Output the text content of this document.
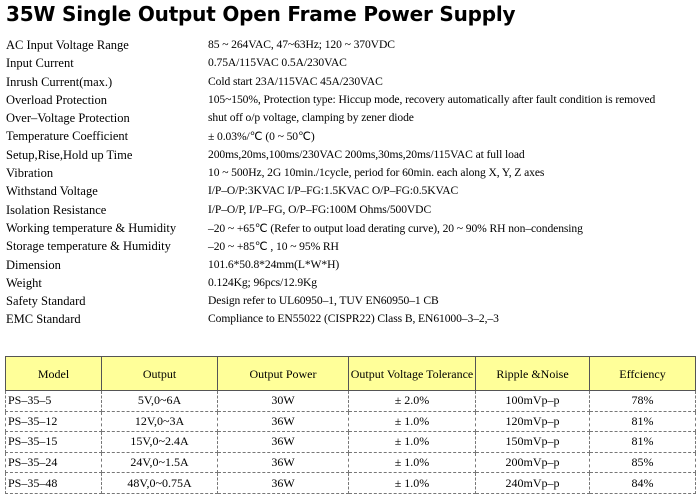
35W Single Output Open Frame Power Supply
AC Input Voltage Range	85 ~ 264VAC, 47~63Hz; 120 ~ 370VDC
Input Current	0.75A/115VAC 0.5A/230VAC
Inrush Current(max.)	Cold start 23A/115VAC 45A/230VAC
Overload Protection	105~150%, Protection type: Hiccup mode, recovery automatically after fault condition is removed
Over–Voltage Protection	shut off o/p voltage, clamping by zener diode
Temperature Coefficient	± 0.03%/℃ (0 ~ 50℃)
Setup,Rise,Hold up Time	200ms,20ms,100ms/230VAC 200ms,30ms,20ms/115VAC at full load
Vibration	10 ~ 500Hz, 2G 10min./1cycle, period for 60min. each along X, Y, Z axes
Withstand Voltage	I/P–O/P:3KVAC I/P–FG:1.5KVAC O/P–FG:0.5KVAC
Isolation Resistance	I/P–O/P, I/P–FG, O/P–FG:100M Ohms/500VDC
Working temperature & Humidity	–20 ~ +65℃ (Refer to output load derating curve), 20 ~ 90% RH non–condensing
Storage temperature & Humidity	–20 ~ +85℃ , 10 ~ 95% RH
Dimension	101.6*50.8*24mm(L*W*H)
Weight	0.124Kg; 96pcs/12.9Kg
Safety Standard	Design refer to UL60950–1, TUV EN60950–1 CB
EMC Standard	Compliance to EN55022 (CISPR22) Class B, EN61000–3–2,–3
Model	Output	Output Power	Output Voltage Tolerance	Ripple &Noise	Effciency
PS–35–5	5V,0~6A	30W	± 2.0%	100mVp–p	78%
PS–35–12	12V,0~3A	36W	± 1.0%	120mVp–p	81%
PS–35–15	15V,0~2.4A	36W	± 1.0%	150mVp–p	81%
PS–35–24	24V,0~1.5A	36W	± 1.0%	200mVp–p	85%
PS–35–48	48V,0~0.75A	36W	± 1.0%	240mVp–p	84%
